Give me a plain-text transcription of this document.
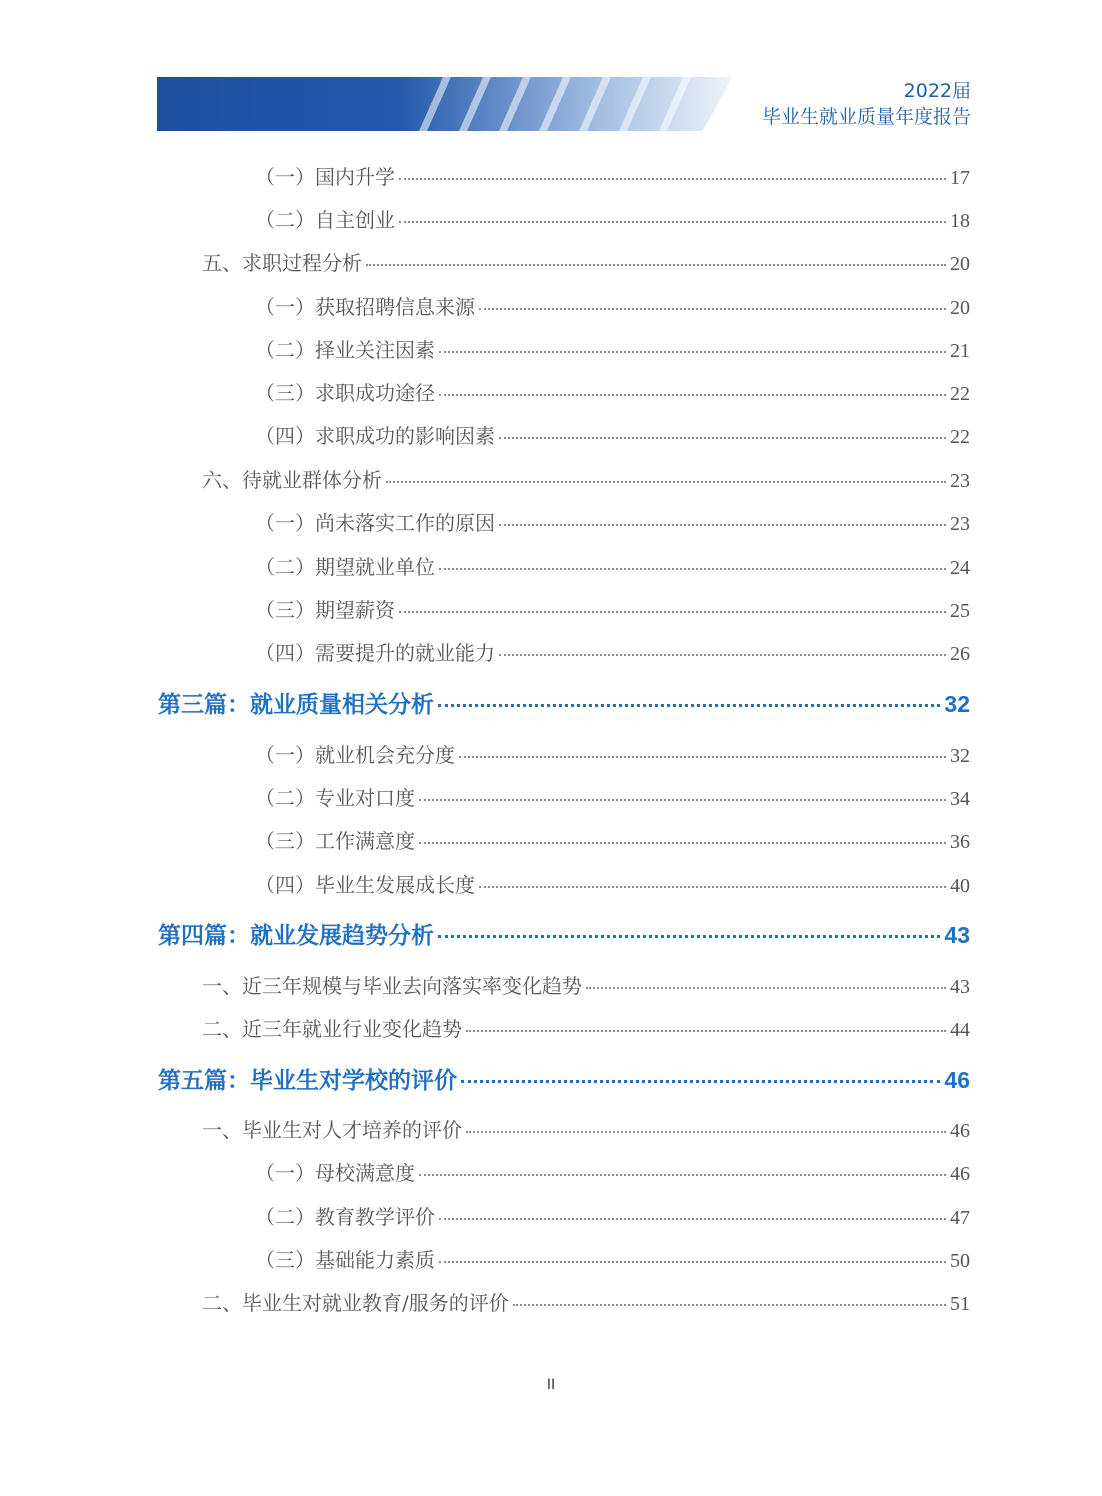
2022届
毕业生就业质量年度报告
（一）国内升学	17
（二）自主创业	18
五、求职过程分析	20
（一）获取招聘信息来源	20
（二）择业关注因素	21
（三）求职成功途径	22
（四）求职成功的影响因素	22
六、待就业群体分析	23
（一）尚未落实工作的原因	23
（二）期望就业单位	24
（三）期望薪资	25
（四）需要提升的就业能力	26
第三篇：就业质量相关分析	32
（一）就业机会充分度	32
（二）专业对口度	34
（三）工作满意度	36
（四）毕业生发展成长度	40
第四篇：就业发展趋势分析	43
一、近三年规模与毕业去向落实率变化趋势	43
二、近三年就业行业变化趋势	44
第五篇：毕业生对学校的评价	46
一、毕业生对人才培养的评价	46
（一）母校满意度	46
（二）教育教学评价	47
（三）基础能力素质	50
二、毕业生对就业教育/服务的评价	51
II
